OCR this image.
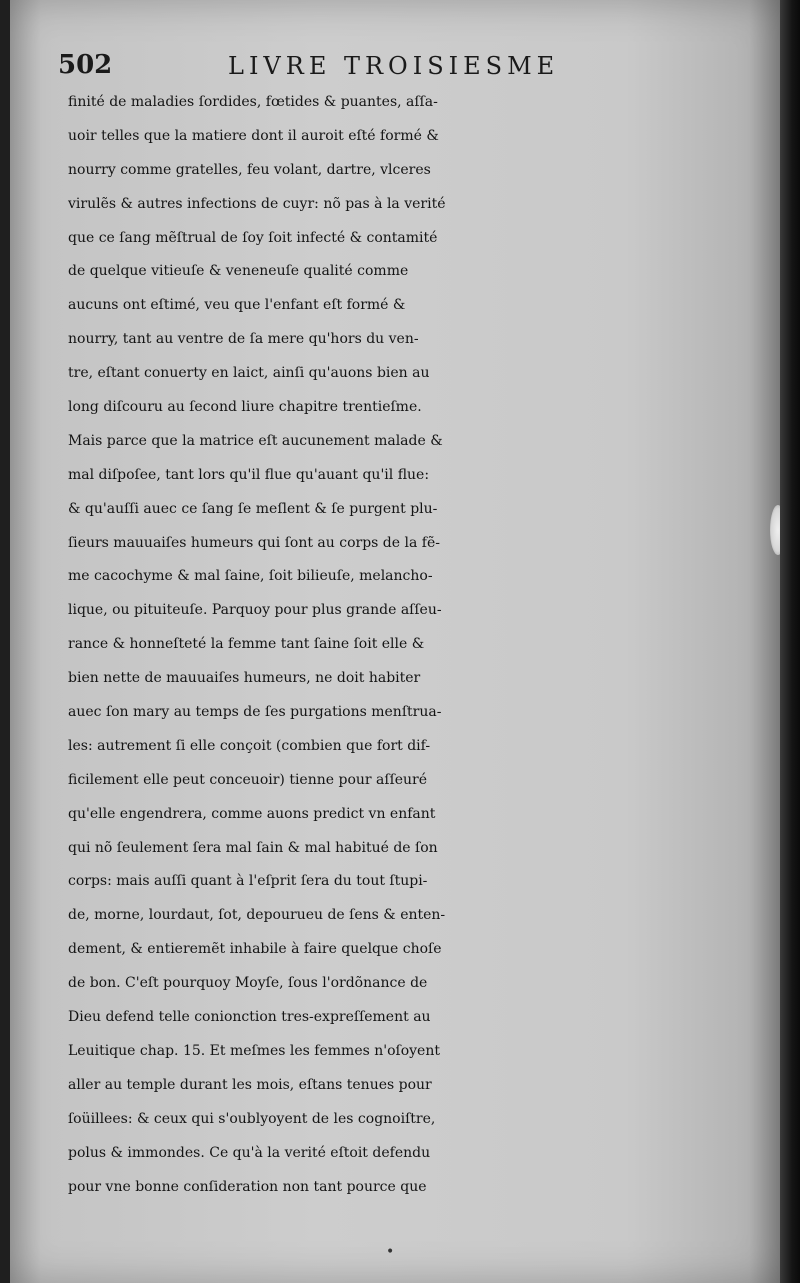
502	LIVRE TROISIESME
finité de maladies ſordides, fœtides & puantes, aſſa-
uoir telles que la matiere dont il auroit eſté formé &
nourry comme gratelles, feu volant, dartre, vlceres
virulẽs & autres infections de cuyr: nõ pas à la verité
que ce ſang mẽſtrual de ſoy ſoit infecté & contamité
de quelque vitieuſe & veneneuſe qualité comme
aucuns ont eſtimé, veu que l'enfant eſt formé &
nourry, tant au ventre de ſa mere qu'hors du ven-
tre, eſtant conuerty en laict, ainſi qu'auons bien au
long diſcouru au ſecond liure chapitre trentieſme.
Mais parce que la matrice eſt aucunement malade &
mal diſpoſee, tant lors qu'il flue qu'auant qu'il flue:
& qu'auſſi auec ce ſang ſe meſlent & ſe purgent plu-
ſieurs mauuaiſes humeurs qui ſont au corps de la fẽ-
me cacochyme & mal ſaine, ſoit bilieuſe, melancho-
lique, ou pituiteuſe. Parquoy pour plus grande aſſeu-
rance & honneſteté la femme tant ſaine ſoit elle &
bien nette de mauuaiſes humeurs, ne doit habiter
auec ſon mary au temps de ſes purgations menſtrua-
les: autrement ſi elle conçoit (combien que fort dif-
ficilement elle peut conceuoir) tienne pour aſſeuré
qu'elle engendrera, comme auons predict vn enfant
qui nõ ſeulement ſera mal ſain & mal habitué de ſon
corps: mais auſſi quant à l'eſprit ſera du tout ſtupi-
de, morne, lourdaut, ſot, depourueu de ſens & enten-
dement, & entieremẽt inhabile à faire quelque choſe
de bon. C'eſt pourquoy Moyſe, ſous l'ordõnance de
Dieu defend telle conionction tres-expreſſement au
Leuitique chap. 15. Et meſmes les femmes n'oſoyent
aller au temple durant les mois, eſtans tenues pour
ſoüillees: & ceux qui s'oublyoyent de les cognoiſtre,
polus & immondes. Ce qu'à la verité eſtoit defendu
pour vne bonne conſideration non tant pource que
•
